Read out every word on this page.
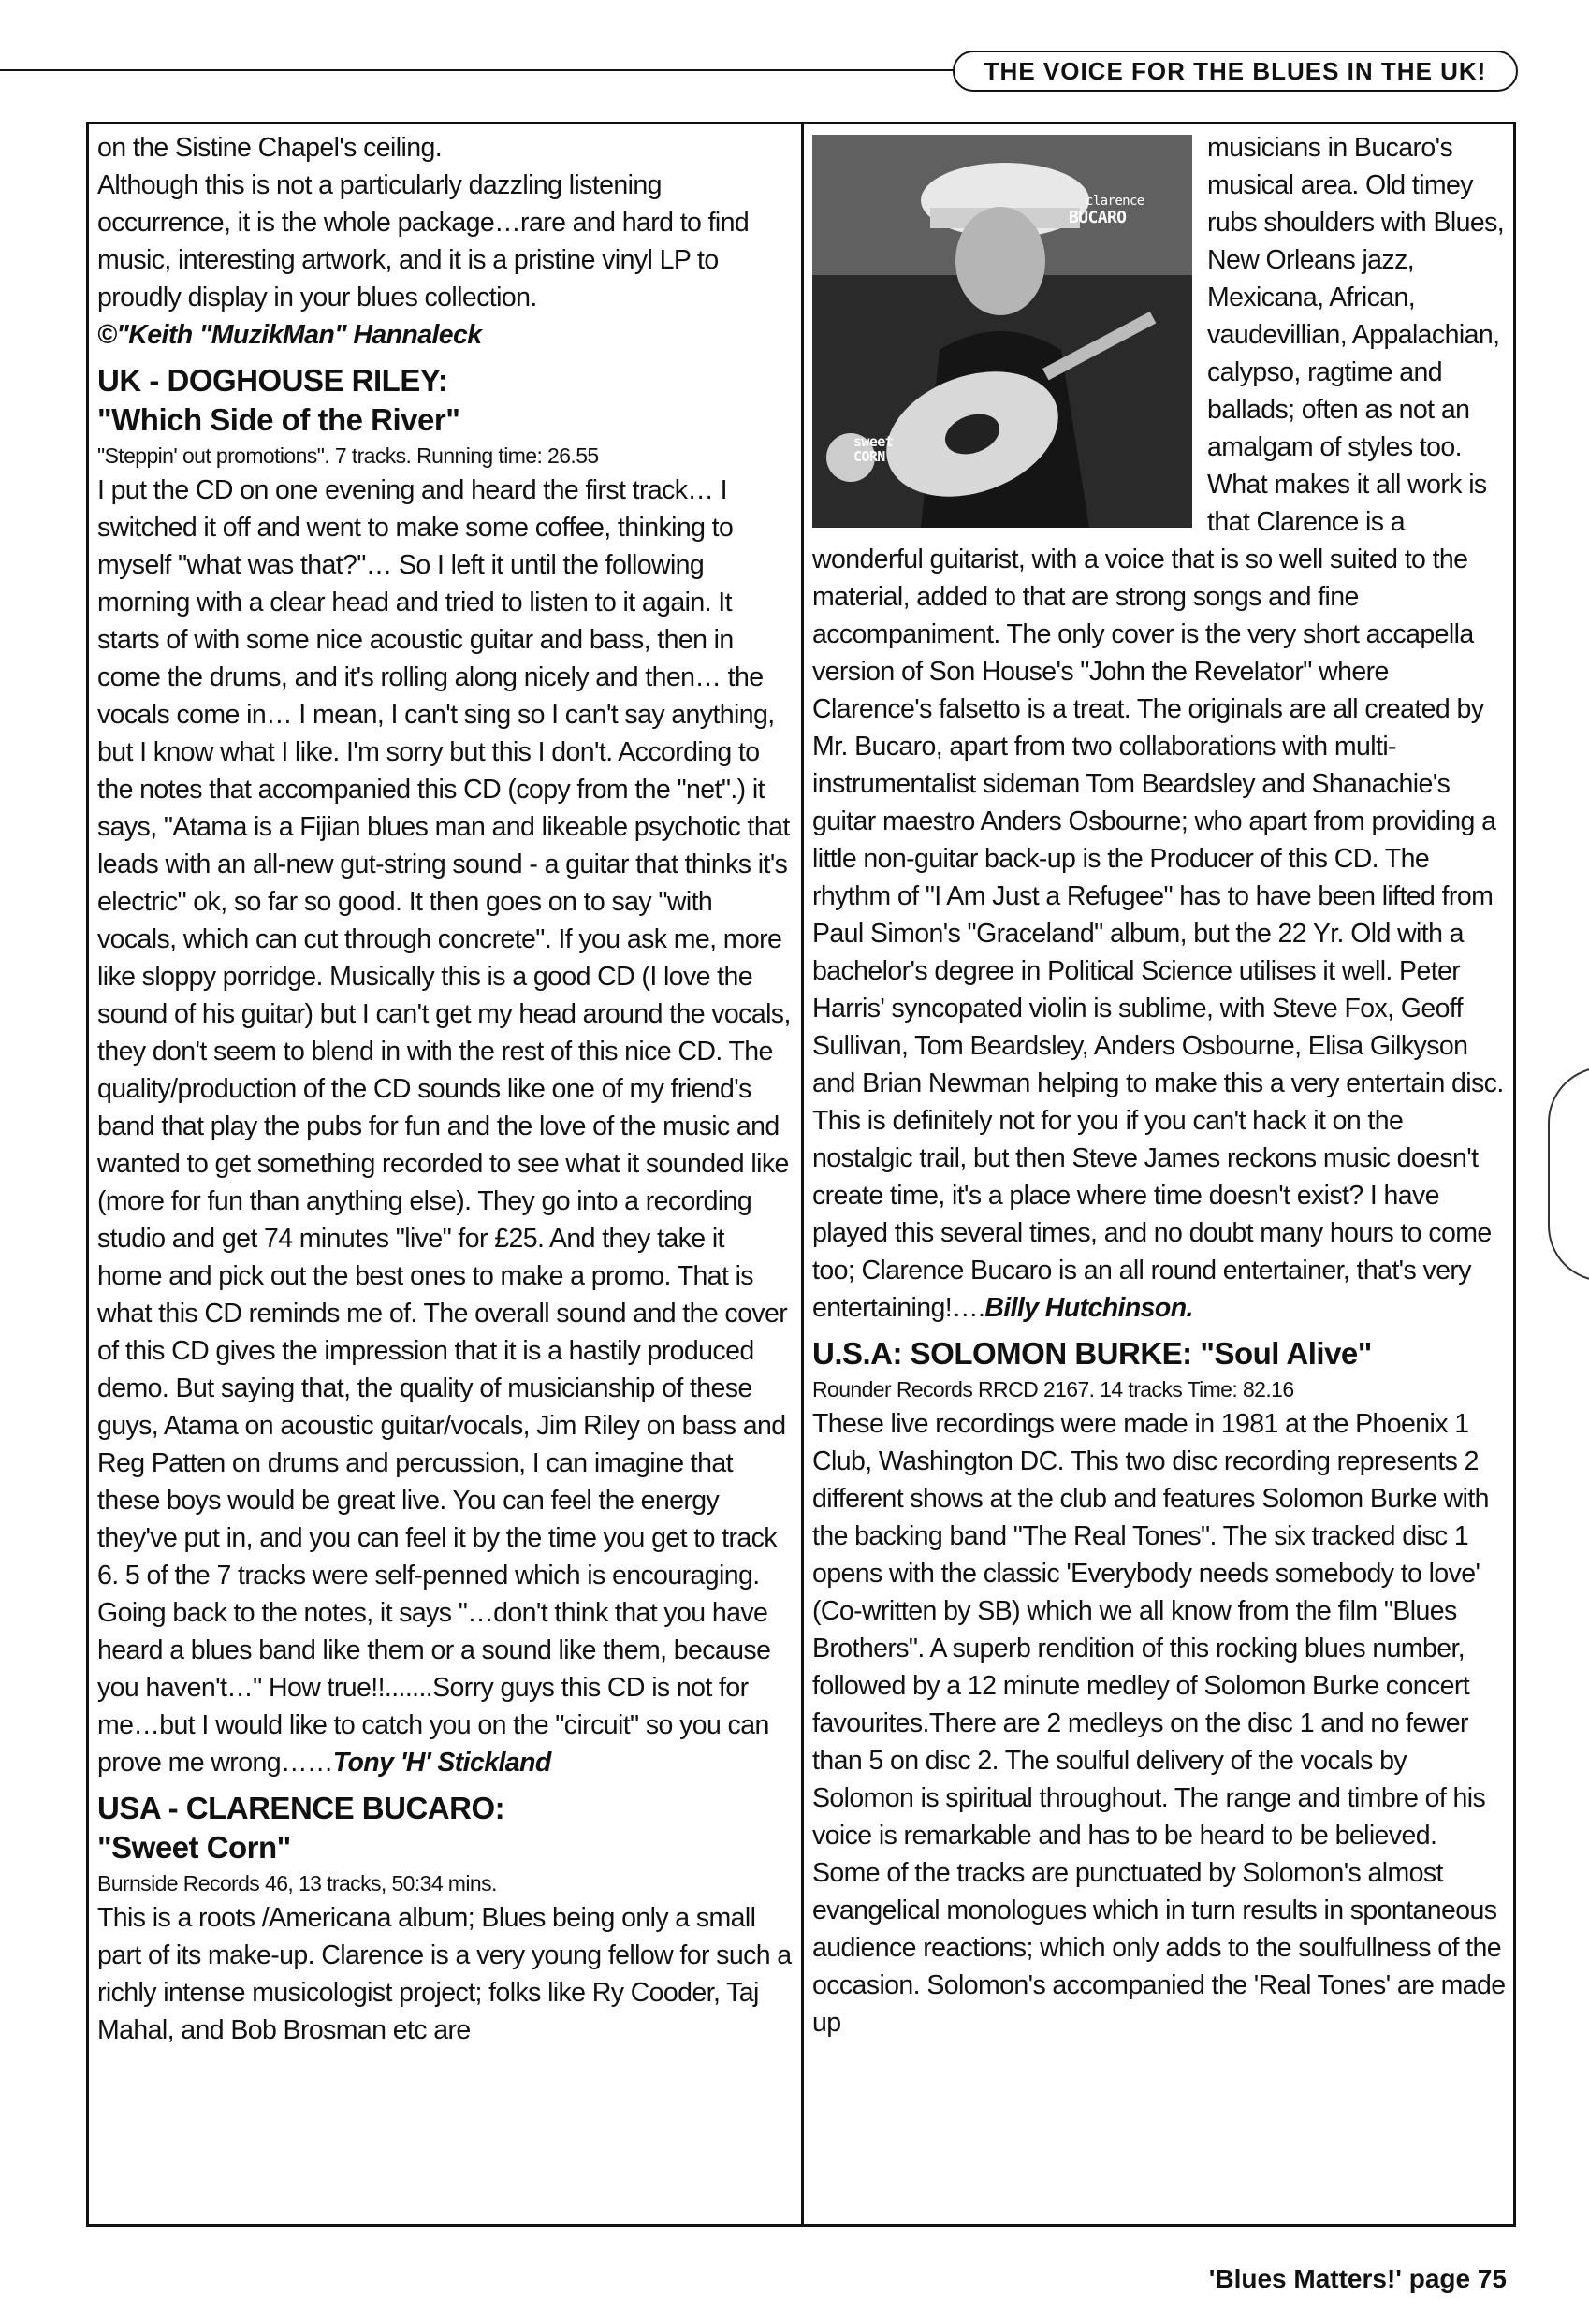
THE VOICE FOR THE BLUES IN THE UK!

on the Sistine Chapel's ceiling.

Although this is not a particularly dazzling listening occurrence, it is the whole package…rare and hard to find music, interesting artwork, and it is a pristine vinyl LP to proudly display in your blues collection.

©"Keith "MuzikMan" Hannaleck

UK - DOGHOUSE RILEY:
"Which Side of the River"

"Steppin' out promotions". 7 tracks. Running time: 26.55

I put the CD on one evening and heard the first track… I switched it off and went to make some coffee, thinking to myself "what was that?"… So I left it until the following morning with a clear head and tried to listen to it again. It starts of with some nice acoustic guitar and bass, then in come the drums, and it's rolling along nicely and then… the vocals come in… I mean, I can't sing so I can't say anything, but I know what I like. I'm sorry but this I don't. According to the notes that accompanied this CD (copy from the "net".) it says, "Atama is a Fijian blues man and likeable psychotic that leads with an all-new gut-string sound - a guitar that thinks it's electric" ok, so far so good. It then goes on to say "with vocals, which can cut through concrete". If you ask me, more like sloppy porridge. Musically this is a good CD (I love the sound of his guitar) but I can't get my head around the vocals, they don't seem to blend in with the rest of this nice CD. The quality/production of the CD sounds like one of my friend's band that play the pubs for fun and the love of the music and wanted to get something recorded to see what it sounded like (more for fun than anything else). They go into a recording studio and get 74 minutes "live" for £25. And they take it home and pick out the best ones to make a promo. That is what this CD reminds me of. The overall sound and the cover of this CD gives the impression that it is a hastily produced demo. But saying that, the quality of musicianship of these guys, Atama on acoustic guitar/vocals, Jim Riley on bass and Reg Patten on drums and percussion, I can imagine that these boys would be great live. You can feel the energy they've put in, and you can feel it by the time you get to track 6. 5 of the 7 tracks were self-penned which is encouraging. Going back to the notes, it says "…don't think that you have heard a blues band like them or a sound like them, because you haven't…" How true!!.......Sorry guys this CD is not for me…but I would like to catch you on the "circuit" so you can prove me wrong……Tony 'H' Stickland

USA - CLARENCE BUCARO:
"Sweet Corn"

Burnside Records 46, 13 tracks, 50:34 mins.

This is a roots /Americana album; Blues being only a small part of its make-up. Clarence is a very young fellow for such a richly intense musicologist project; folks like Ry Cooder, Taj Mahal, and Bob Brosman etc are

clarence
BUCARO
sweet
CORN

musicians in Bucaro's musical area. Old timey rubs shoulders with Blues, New Orleans jazz, Mexicana, African, vaudevillian, Appalachian, calypso, ragtime and ballads; often as not an amalgam of styles too. What makes it all work is that Clarence is a wonderful guitarist, with a voice that is so well suited to the material, added to that are strong songs and fine accompaniment. The only cover is the very short accapella version of Son House's "John the Revelator" where Clarence's falsetto is a treat. The originals are all created by Mr. Bucaro, apart from two collaborations with multi-instrumentalist sideman Tom Beardsley and Shanachie's guitar maestro Anders Osbourne; who apart from providing a little non-guitar back-up is the Producer of this CD. The rhythm of "I Am Just a Refugee" has to have been lifted from Paul Simon's "Graceland" album, but the 22 Yr. Old with a bachelor's degree in Political Science utilises it well. Peter Harris' syncopated violin is sublime, with Steve Fox, Geoff Sullivan, Tom Beardsley, Anders Osbourne, Elisa Gilkyson and Brian Newman helping to make this a very entertain disc. This is definitely not for you if you can't hack it on the nostalgic trail, but then Steve James reckons music doesn't create time, it's a place where time doesn't exist? I have played this several times, and no doubt many hours to come too; Clarence Bucaro is an all round entertainer, that's very entertaining!….Billy Hutchinson.

U.S.A: SOLOMON BURKE: "Soul Alive"

Rounder Records RRCD 2167. 14 tracks Time: 82.16

These live recordings were made in 1981 at the Phoenix 1 Club, Washington DC. This two disc recording represents 2 different shows at the club and features Solomon Burke with the backing band "The Real Tones". The six tracked disc 1 opens with the classic 'Everybody needs somebody to love' (Co-written by SB) which we all know from the film "Blues Brothers". A superb rendition of this rocking blues number, followed by a 12 minute medley of Solomon Burke concert favourites.There are 2 medleys on the disc 1 and no fewer than 5 on disc 2. The soulful delivery of the vocals by Solomon is spiritual throughout. The range and timbre of his voice is remarkable and has to be heard to be believed. Some of the tracks are punctuated by Solomon's almost evangelical monologues which in turn results in spontaneous audience reactions; which only adds to the soulfullness of the occasion. Solomon's accompanied the 'Real Tones' are made up

'Blues Matters!' page 75
